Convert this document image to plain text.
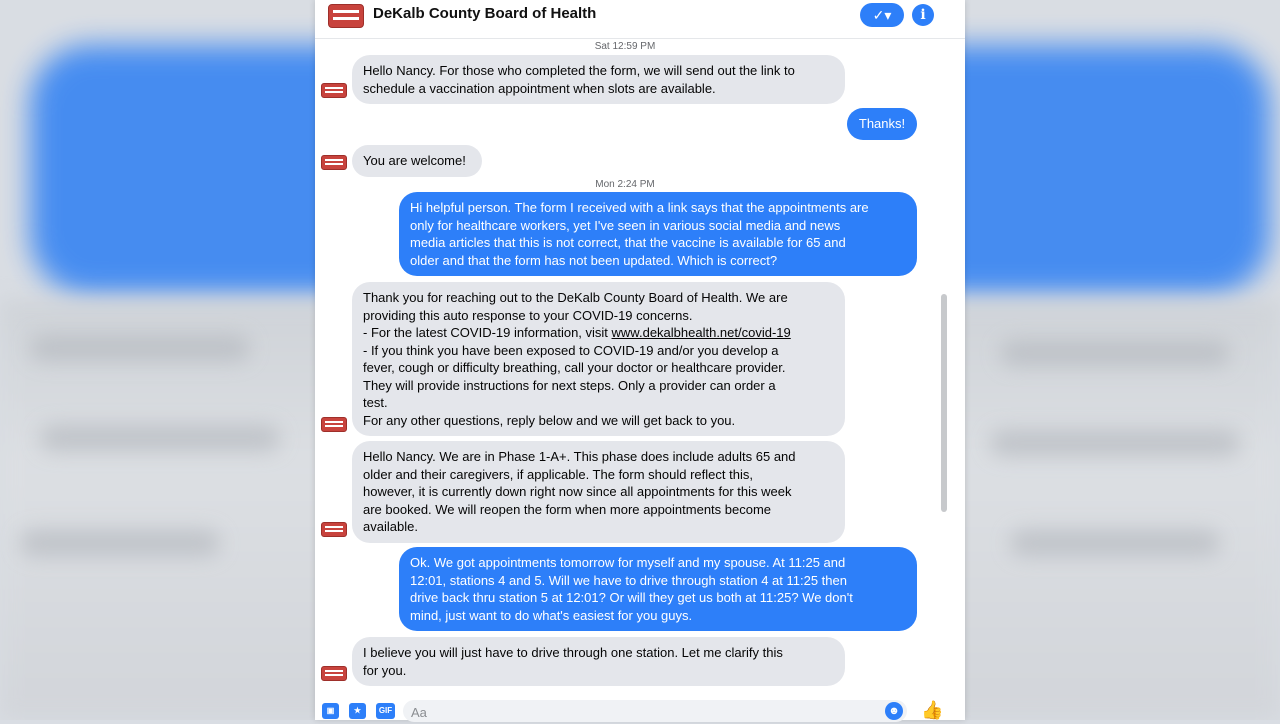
DeKalb County Board of Health	✓▾	i
Sat 12:59 PM
Hello Nancy. For those who completed the form, we will send out the link to
schedule a vaccination appointment when slots are available.
Thanks!
You are welcome!
Mon 2:24 PM
Hi helpful person. The form I received with a link says that the appointments are
only for healthcare workers, yet I've seen in various social media and news
media articles that this is not correct, that the vaccine is available for 65 and
older and that the form has not been updated. Which is correct?
Thank you for reaching out to the DeKalb County Board of Health. We are
providing this auto response to your COVID-19 concerns.
- For the latest COVID-19 information, visit www.dekalbhealth.net/covid-19
- If you think you have been exposed to COVID-19 and/or you develop a
fever, cough or difficulty breathing, call your doctor or healthcare provider.
They will provide instructions for next steps. Only a provider can order a
test.
For any other questions, reply below and we will get back to you.
Hello Nancy. We are in Phase 1-A+. This phase does include adults 65 and
older and their caregivers, if applicable. The form should reflect this,
however, it is currently down right now since all appointments for this week
are booked. We will reopen the form when more appointments become
available.
Ok. We got appointments tomorrow for myself and my spouse. At 11:25 and
12:01, stations 4 and 5. Will we have to drive through station 4 at 11:25 then
drive back thru station 5 at 12:01? Or will they get us both at 11:25? We don't
mind, just want to do what's easiest for you guys.
I believe you will just have to drive through one station. Let me clarify this
for you.
▣	★	GIF
Aa	☻ 👍
